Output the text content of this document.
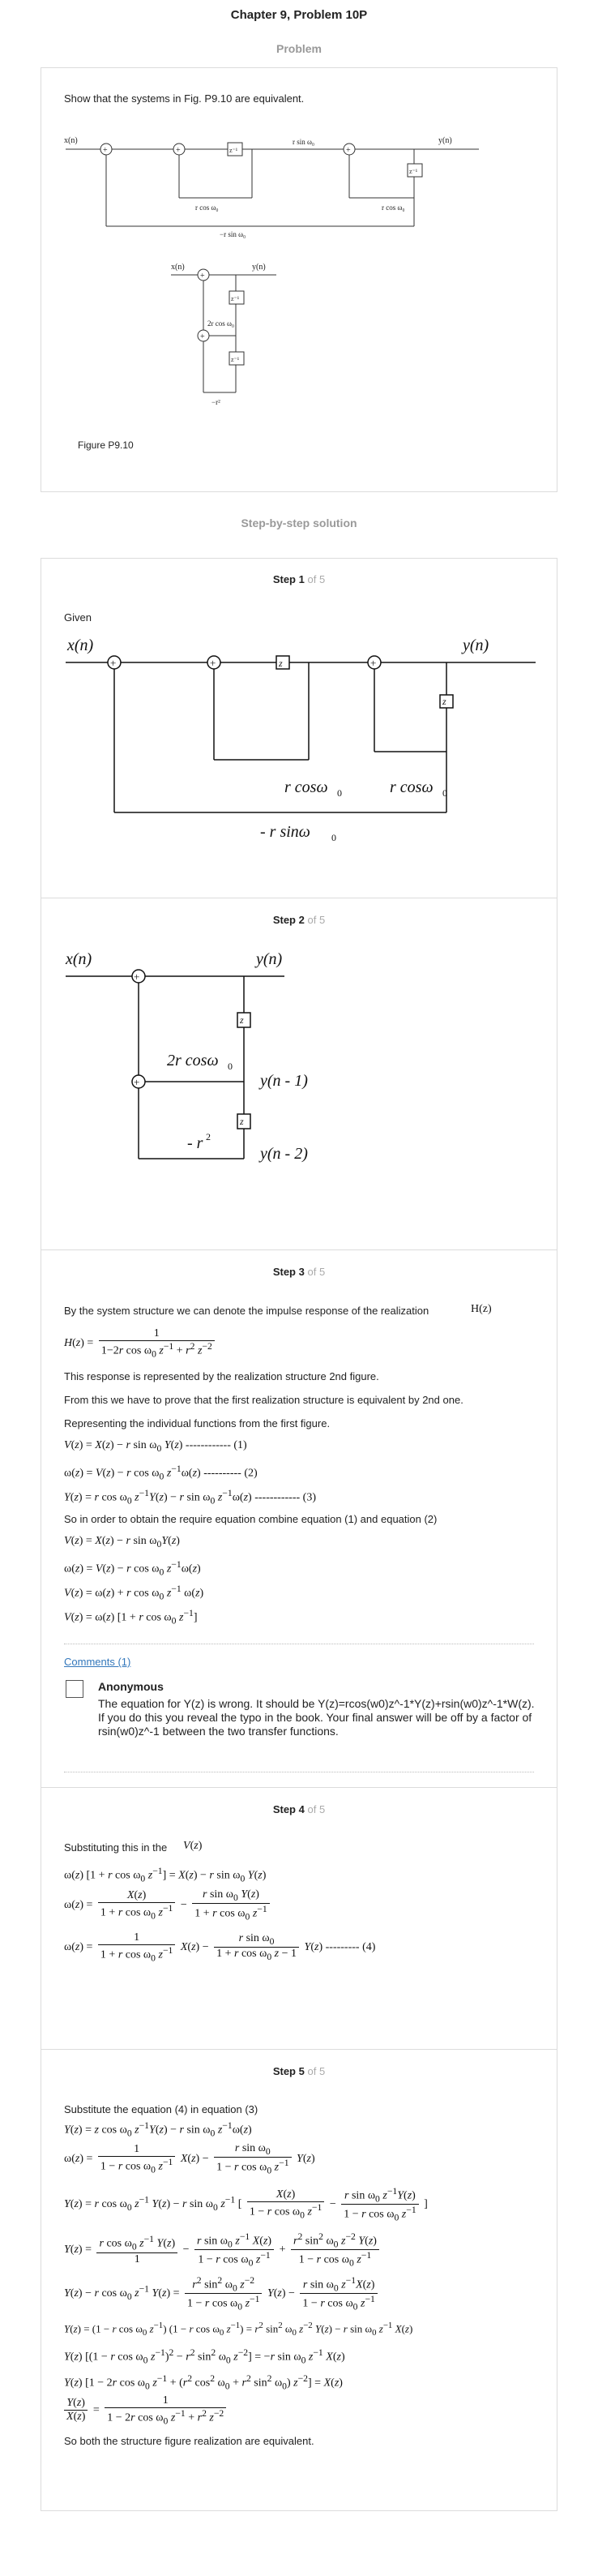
Chapter 9, Problem 10P
Problem
Show that the systems in Fig. P9.10 are equivalent.
+	+	+
x(n)	y(n)
z⁻¹
z⁻¹
r sin ω₀
r cos ω₀	r cos ω₀
−r sin ω₀
+
+
x(n)	y(n)
z⁻¹
z⁻¹
2r cos ω₀
−r²
Figure P9.10
Step-by-step solution
Step 1 of 5
Given
+	+	+
x(n)	y(n)
z
z
r cosω 0	r cosω 0
- r sinω 0
Step 2 of 5
+
+
x(n)	y(n)
z
z
2r cosω 0
y(n - 1)
y(n - 2)
- r 2
Step 3 of 5
By the system structure we can denote the impulse response of the realization	H(z)
$H(z) = \frac{1}{1-2r \cos \omega_0 z^{-1} + r^2 z^{-2}}$
This response is represented by the realization structure 2nd figure.
From this we have to prove that the first realization structure is equivalent by 2nd one.
Representing the individual functions from the first figure.
V(z) = X(z) − r $\sin \omega_0$ Y(z) ------------ (1)
ω(z) = V(z) − r $\cos \omega_0$ $z^{-1}\omega(z)$ ---------- (2)
Y(z) = r $\cos \omega_0$ $z^{-1}Y(z) - r$ $\sin \omega_0$ $z^{-1}\omega(z)$ ------------ (3)
So in order to obtain the require equation combine equation (1) and equation (2)
V(z) = X(z) − r $\sin \omega_0Y(z)$
ω(z) = V(z) − r $\cos \omega_0$ $z^{-1}\omega(z)$
V(z) = ω(z) + r $\cos \omega_0$ $z^{-1}$ ω(z)
V(z) = ω(z) [1 + r $\cos \omega_0$ $z^{-1}$]
Comments (1)
Anonymous
The equation for Y(z) is wrong. It should be Y(z)=rcos(w0)z^-1*Y(z)+rsin(w0)z^-1*W(z). If you do this you reveal the typo in the book. Your final answer will be off by a factor of rsin(w0)z^-1 between the two transfer functions.
Step 4 of 5
Substituting this in the V(z)
ω(z) [1 + r $\cos \omega_0$ $z^{-1}] = X(z) - r$ $\sin \omega_0$ Y(z)
$\omega(z) = \frac{X(z)}{1 + r \cos \omega_0 z^{-1}} - \frac{r \sin \omega_0 Y(z)}{1 + r \cos \omega_0 z^{-1}}$
$\omega(z) = \frac{1}{1 + r \cos \omega_0 z^{-1}} X(z) - \frac{r \sin \omega_0}{1 + r \cos \omega_0 z - 1} Y(z)$ --------- (4)
Step 5 of 5
Substitute the equation (4) in equation (3)
Y(z) = z $\cos \omega_0$ $z^{-1}Y(z) - r$ $\sin \omega_0$ $z^{-1}\omega(z)$
$\omega(z) = \frac{1}{1 - r \cos \omega_0 z^{-1}} X(z) - \frac{r \sin \omega_0}{1 - r \cos \omega_0 z^{-1}} Y(z)$
Y(z) = r $\cos \omega_0$ $z^{-1}$ Y(z) − r $\sin \omega_0$ $z^{-1}$ [ $\frac{X(z)}{1 - r \cos \omega_0 z^{-1}} - \frac{r \sin \omega_0 z^{-1}Y(z)}{1 - r \cos \omega_0 z^{-1}}$ ]
$Y(z) = \frac{r \cos \omega_0 z^{-1} Y(z)}{1} - \frac{r \sin \omega_0 z^{-1} X(z)}{1 - r \cos \omega_0 z^{-1}} + \frac{r^2 \sin^2 \omega_0 z^{-2} Y(z)}{1 - r \cos \omega_0 z^{-1}}$
Y(z) − r $\cos \omega_0$ $z^{-1}$ $Y(z) = \frac{r^2 \sin^2 \omega_0 z^{-2}}{1 - r \cos \omega_0 z^{-1}} Y(z) - \frac{r \sin \omega_0 z^{-1}X(z)}{1 - r \cos \omega_0 z^{-1}}$
Y(z) = (1 − r $\cos \omega_0$ $z^{-1}$) (1 − r $\cos \omega_0$ $z^{-1}) = r^2$ $\sin^2 \omega_0$ $z^{-2}$ Y(z) − r $\sin \omega_0$ $z^{-1}$ X(z)
Y(z) [(1 − r $\cos \omega_0$ $z^{-1})^2 - r^2$ $\sin^2 \omega_0$ $z^{-2}] = -r$ $\sin \omega_0$ $z^{-1}$ X(z)
Y(z) [1 − 2r $\cos \omega_0$ $z^{-1} + (r^2$ $\cos^2 \omega_0 + r^2$ $\sin^2 \omega_0$) $z^{-2}] = X(z)$
$\frac{Y(z)}{X(z)} = \frac{1}{1 - 2r \cos \omega_0 z^{-1} + r^2 z^{-2}}$
So both the structure figure realization are equivalent.
